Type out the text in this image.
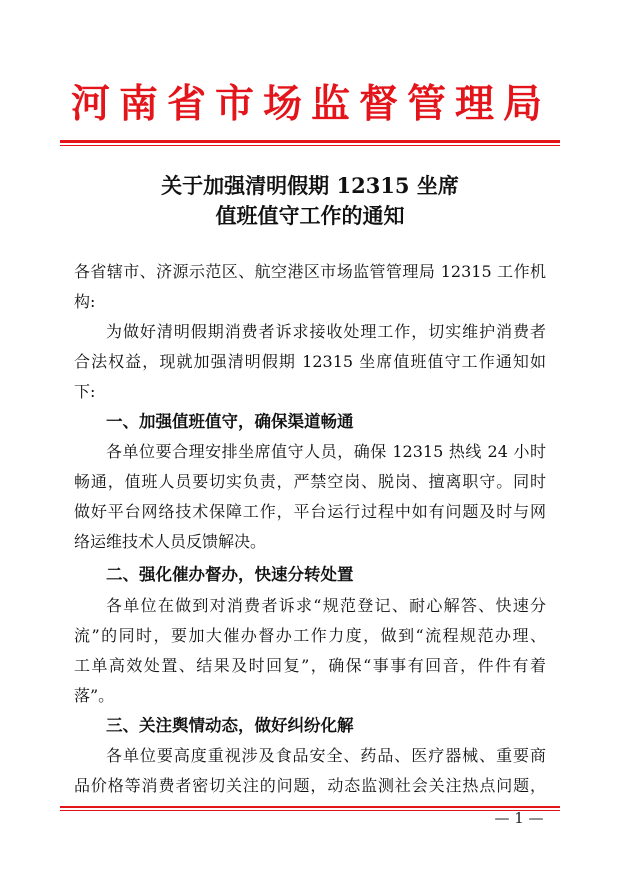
河南省市场监督管理局
关于加强清明假期 12315 坐席
值班值守工作的通知
各省辖市、济源示范区、航空港区市场监管管理局 12315 工作机
构:
为做好清明假期消费者诉求接收处理工作，切实维护消费者
合法权益，现就加强清明假期 12315 坐席值班值守工作通知如
下:
一、加强值班值守，确保渠道畅通
各单位要合理安排坐席值守人员，确保 12315 热线 24 小时
畅通，值班人员要切实负责，严禁空岗、脱岗、擅离职守。同时
做好平台网络技术保障工作，平台运行过程中如有问题及时与网
络运维技术人员反馈解决。
二、强化催办督办，快速分转处置
各单位在做到对消费者诉求“规范登记、耐心解答、快速分
流”的同时，要加大催办督办工作力度，做到“流程规范办理、
工单高效处置、结果及时回复”，确保“事事有回音，件件有着
落”。
三、关注舆情动态，做好纠纷化解
各单位要高度重视涉及食品安全、药品、医疗器械、重要商
品价格等消费者密切关注的问题，动态监测社会关注热点问题，
— 1 —
